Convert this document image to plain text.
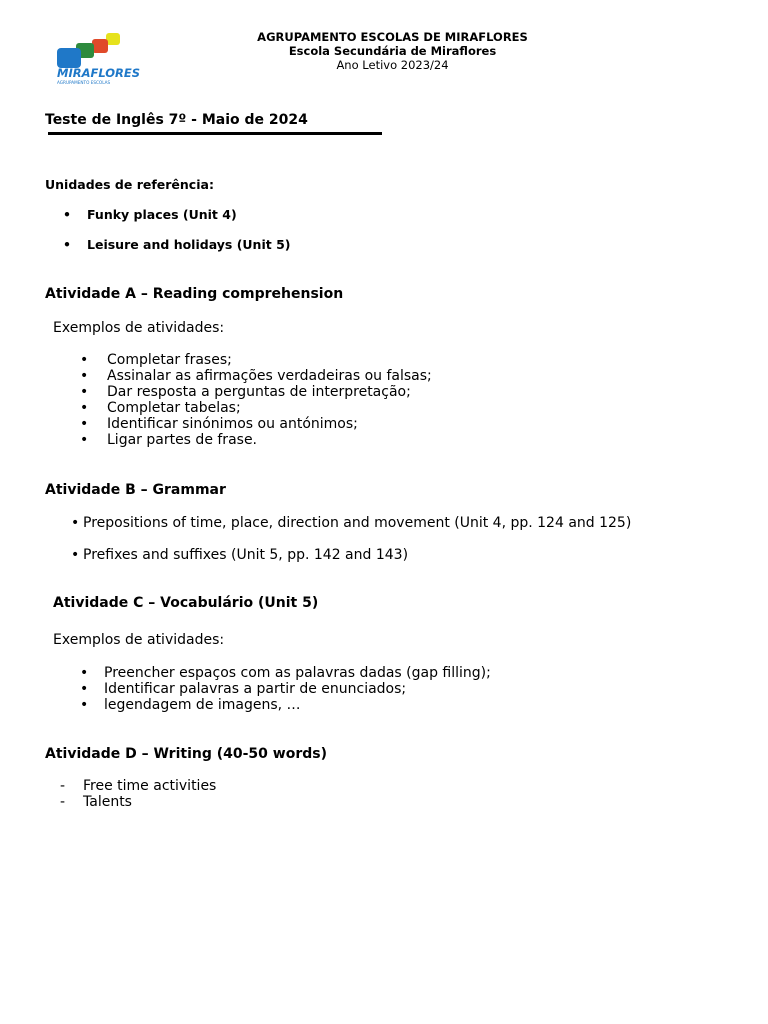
MIRAFLORES
AGRUPAMENTO ESCOLAS
AGRUPAMENTO ESCOLAS DE MIRAFLORES
Escola Secundária de Miraflores
Ano Letivo 2023/24
Teste de Inglês 7º - Maio de 2024
Unidades de referência:
• Funky places (Unit 4)
• Leisure and holidays (Unit 5)
Atividade A – Reading comprehension
Exemplos de atividades:
• Completar frases;
• Assinalar as afirmações verdadeiras ou falsas;
• Dar resposta a perguntas de interpretação;
• Completar tabelas;
• Identificar sinónimos ou antónimos;
• Ligar partes de frase.
Atividade B – Grammar
• Prepositions of time, place, direction and movement (Unit 4, pp. 124 and 125)
• Prefixes and suffixes (Unit 5, pp. 142 and 143)
Atividade C – Vocabulário (Unit 5)
Exemplos de atividades:
• Preencher espaços com as palavras dadas (gap filling);
• Identificar palavras a partir de enunciados;
• legendagem de imagens, …
Atividade D – Writing (40-50 words)
- Free time activities
- Talents
